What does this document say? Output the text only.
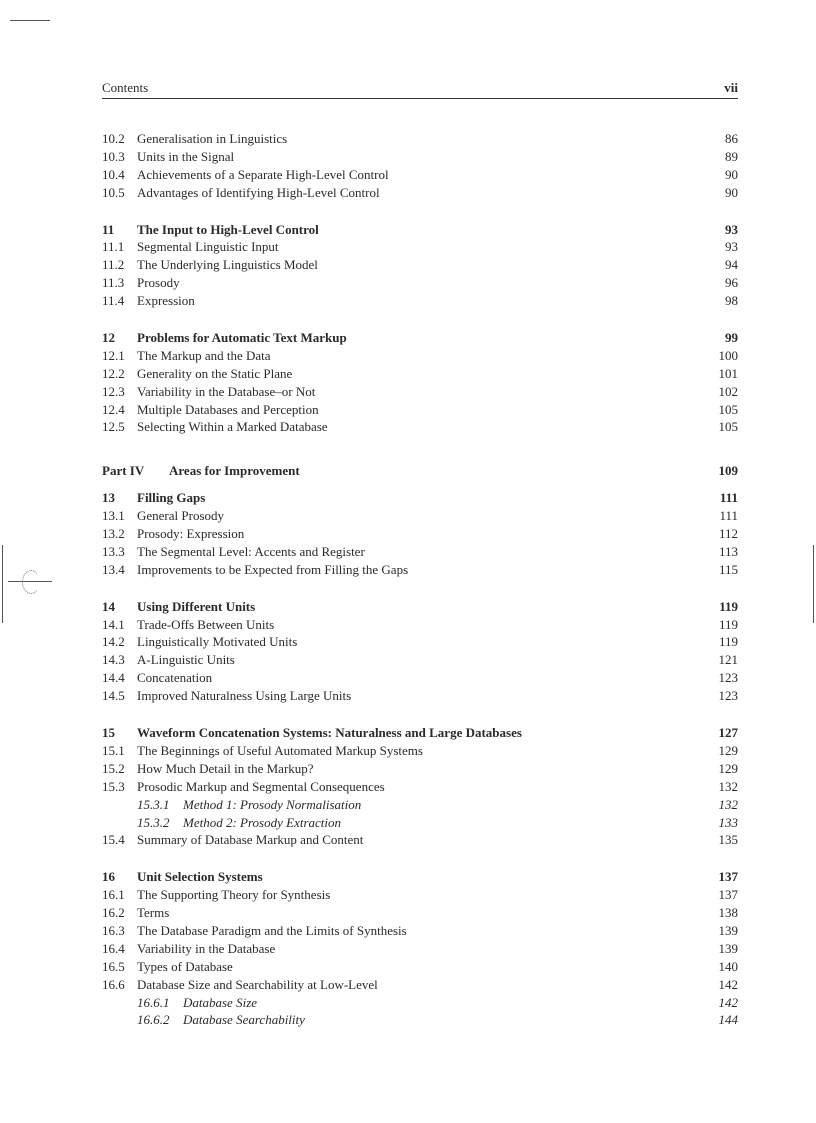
Contents	vii
10.2 Generalisation in Linguistics	86
10.3 Units in the Signal	89
10.4 Achievements of a Separate High-Level Control	90
10.5 Advantages of Identifying High-Level Control	90
11 The Input to High-Level Control	93
11.1 Segmental Linguistic Input	93
11.2 The Underlying Linguistics Model	94
11.3 Prosody	96
11.4 Expression	98
12 Problems for Automatic Text Markup	99
12.1 The Markup and the Data	100
12.2 Generality on the Static Plane	101
12.3 Variability in the Database–or Not	102
12.4 Multiple Databases and Perception	105
12.5 Selecting Within a Marked Database	105
Part IV Areas for Improvement	109
13 Filling Gaps	111
13.1 General Prosody	111
13.2 Prosody: Expression	112
13.3 The Segmental Level: Accents and Register	113
13.4 Improvements to be Expected from Filling the Gaps	115
14 Using Different Units	119
14.1 Trade-Offs Between Units	119
14.2 Linguistically Motivated Units	119
14.3 A-Linguistic Units	121
14.4 Concatenation	123
14.5 Improved Naturalness Using Large Units	123
15 Waveform Concatenation Systems: Naturalness and Large Databases	127
15.1 The Beginnings of Useful Automated Markup Systems	129
15.2 How Much Detail in the Markup?	129
15.3 Prosodic Markup and Segmental Consequences	132
15.3.1 Method 1: Prosody Normalisation	132
15.3.2 Method 2: Prosody Extraction	133
15.4 Summary of Database Markup and Content	135
16 Unit Selection Systems	137
16.1 The Supporting Theory for Synthesis	137
16.2 Terms	138
16.3 The Database Paradigm and the Limits of Synthesis	139
16.4 Variability in the Database	139
16.5 Types of Database	140
16.6 Database Size and Searchability at Low-Level	142
16.6.1 Database Size	142
16.6.2 Database Searchability	144
